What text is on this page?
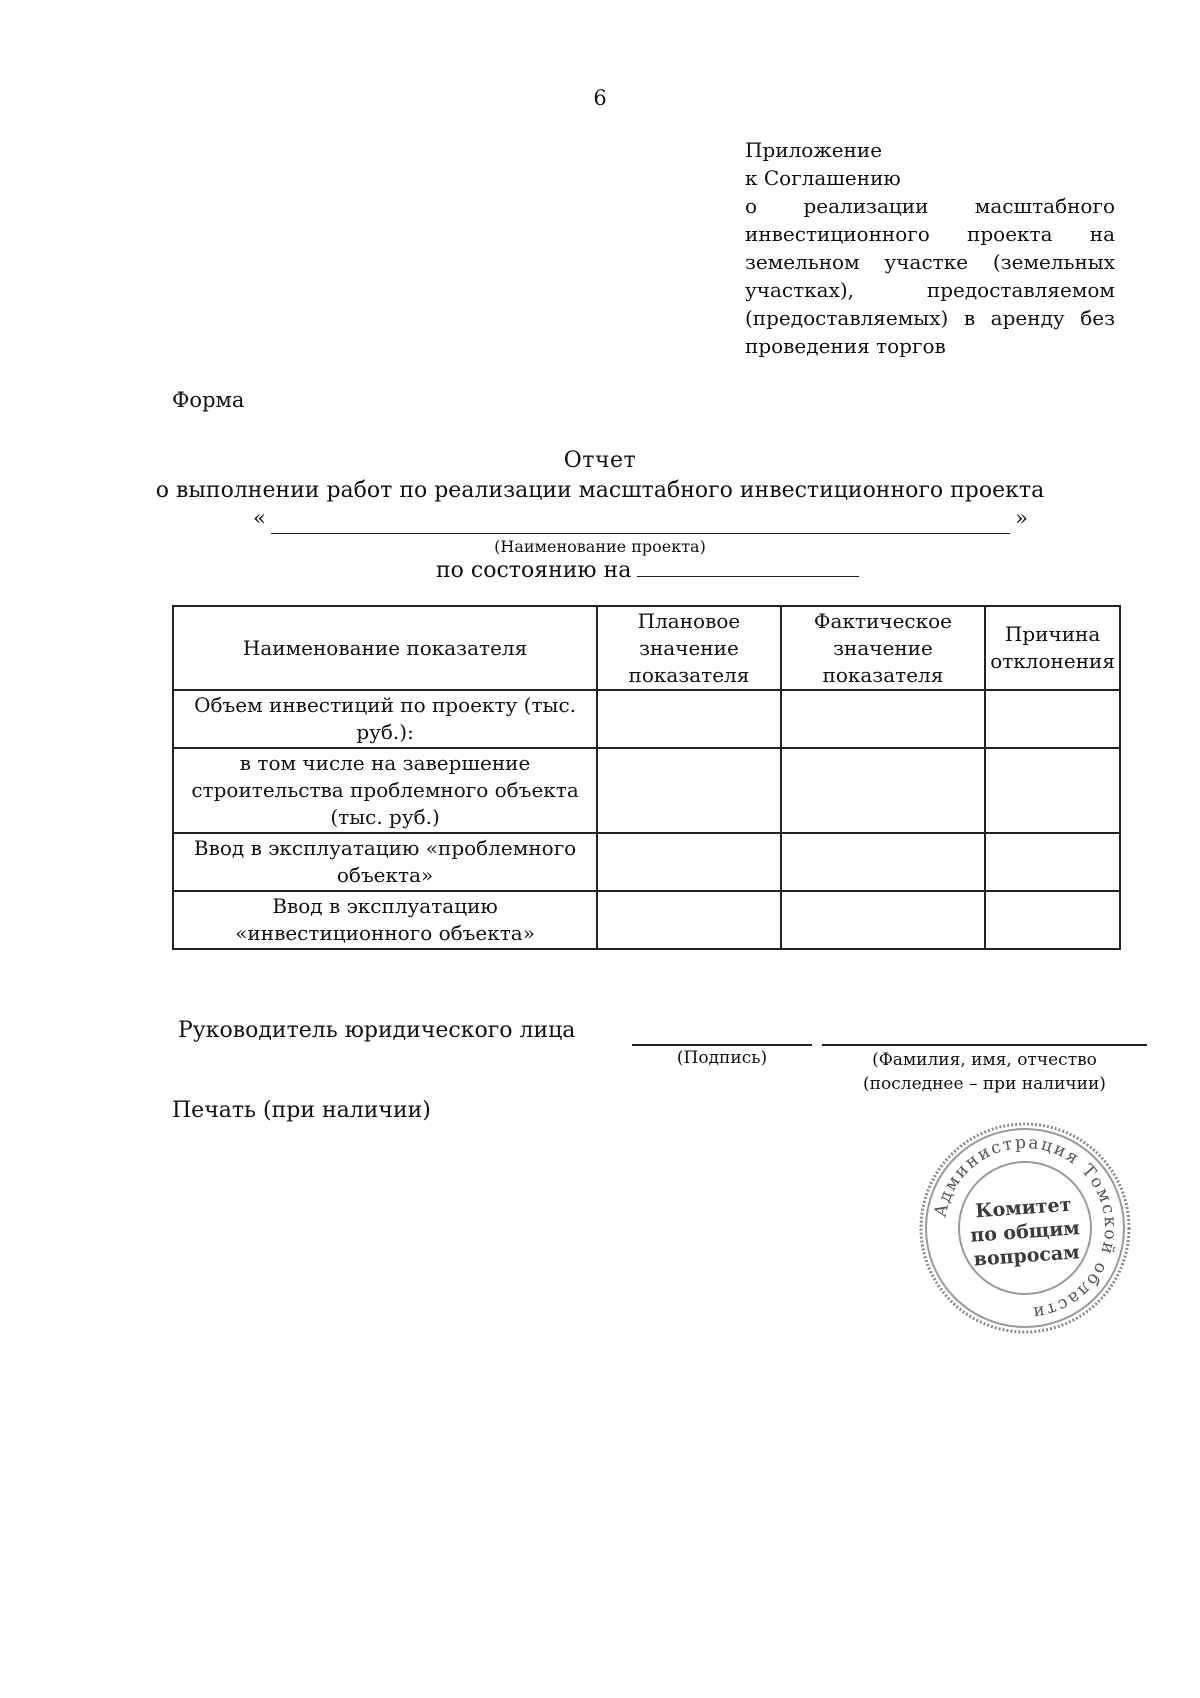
6
Приложение
к Соглашению
о реализации масштабного инвестиционного проекта на земельном участке (земельных участках), предоставляемом (предоставляемых) в аренду без проведения торгов
Форма
Отчет
о выполнении работ по реализации масштабного инвестиционного проекта
«	»
(Наименование проекта)
по состоянию на
Наименование показателя	Плановое значение показателя	Фактическое значение показателя	Причина отклонения
Объем инвестиций по проекту (тыс. руб.):			
в том числе на завершение строительства проблемного объекта (тыс. руб.)			
Ввод в эксплуатацию «проблемного объекта»			
Ввод в эксплуатацию «инвестиционного объекта»			
Руководитель юридического лица
(Подпись)	(Фамилия, имя, отчество
(последнее – при наличии)
Печать (при наличии)
Администрация Томской области
Комитет
по общим
вопросам
